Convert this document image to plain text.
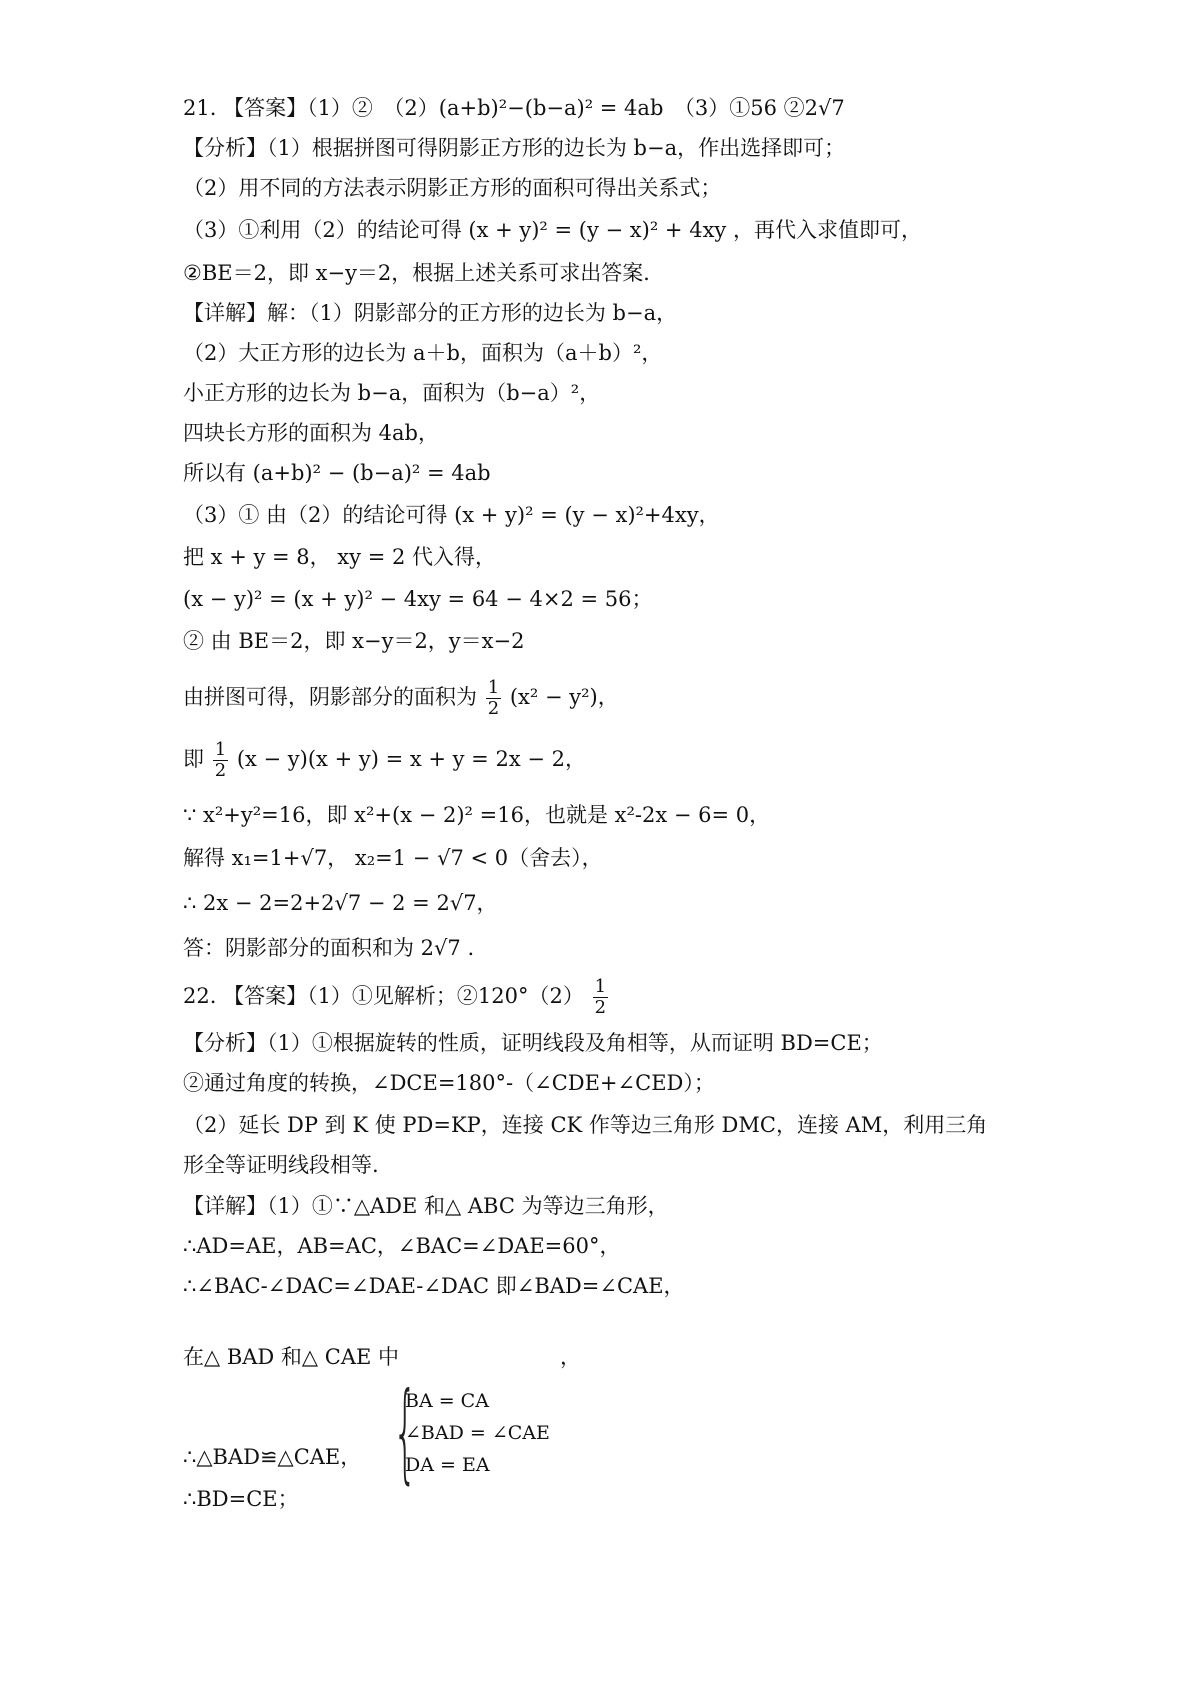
21. 【答案】（1）②　（2）(a+b)²−(b−a)² = 4ab　（3）①56 ②2√7
【分析】（1）根据拼图可得阴影正方形的边长为 b−a，作出选择即可；
（2）用不同的方法表示阴影正方形的面积可得出关系式；
（3）①利用（2）的结论可得 (x + y)² = (y − x)² + 4xy ，再代入求值即可，
②BE＝2，即 x−y＝2，根据上述关系可求出答案．
【详解】解：（1）阴影部分的正方形的边长为 b−a，
（2）大正方形的边长为 a＋b，面积为（a＋b）²，
小正方形的边长为 b−a，面积为（b−a）²，
四块长方形的面积为 4ab，
所以有 (a+b)² − (b−a)² = 4ab
（3）① 由（2）的结论可得 (x + y)² = (y − x)²+4xy，
把 x + y = 8， xy = 2 代入得，
(x − y)² = (x + y)² − 4xy = 64 − 4×2 = 56；
② 由 BE＝2，即 x−y＝2，y＝x−2
由拼图可得，阴影部分的面积为 $\frac{1}{2} (x^2 - y^2)$，
即 $\frac{1}{2} (x - y)(x + y) = x + y = 2x - 2$，
∵ x²+y²=16，即 x²+(x − 2)² =16，也就是 x²-2x − 6= 0，
解得 x₁=1+√7， x₂=1 − √7 < 0（舍去），
∴ 2x − 2=2+2√7 − 2 = 2√7，
答：阴影部分的面积和为 2√7 .
22. 【答案】（1）①见解析；②120°（2） $\frac{1}{2}$
【分析】（1）①根据旋转的性质，证明线段及角相等，从而证明 BD=CE；
②通过角度的转换，∠DCE=180°-（∠CDE+∠CED）；
（2）延长 DP 到 K 使 PD=KP，连接 CK 作等边三角形 DMC，连接 AM，利用三角
形全等证明线段相等.
【详解】（1）①∵△ADE 和△ ABC 为等边三角形，
∴AD=AE，AB=AC，∠BAC=∠DAE=60°，
∴∠BAC-∠DAC=∠DAE-∠DAC 即∠BAD=∠CAE，
在△ BAD 和△ CAE 中
{
BA = CA
∠BAD = ∠CAE
DA = EA
，
∴△BAD≌△CAE，
∴BD=CE；
